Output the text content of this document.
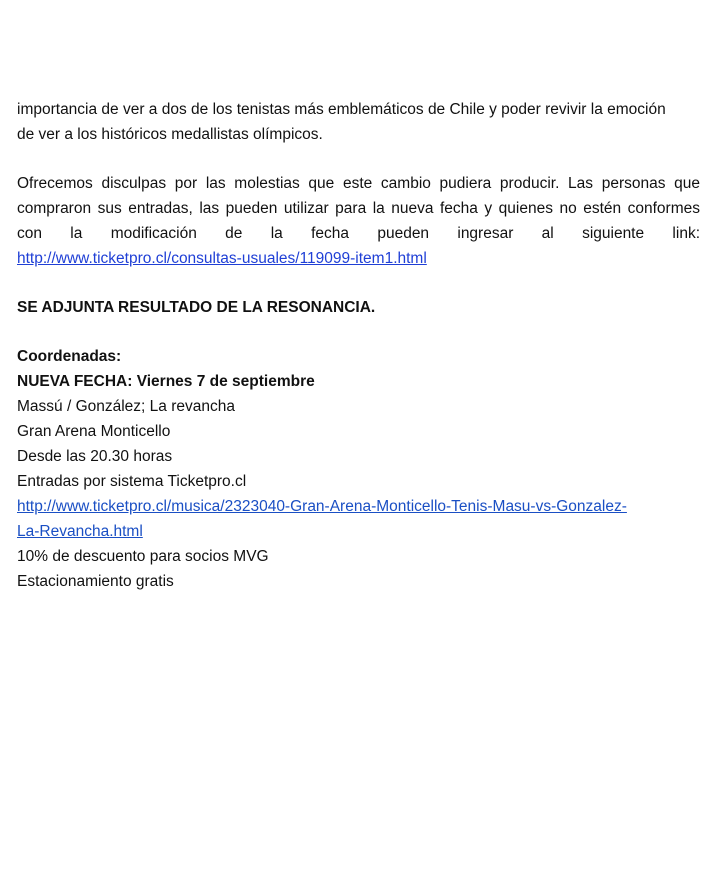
importancia de ver a dos de los tenistas más emblemáticos de Chile y poder revivir la emoción
de ver a los históricos medallistas olímpicos.
Ofrecemos disculpas por las molestias que este cambio pudiera producir. Las personas que
compraron sus entradas, las pueden utilizar para la nueva fecha y quienes no estén conformes
con la modificación de la fecha pueden ingresar al siguiente link:
http://www.ticketpro.cl/consultas-usuales/119099-item1.html
SE ADJUNTA RESULTADO DE LA RESONANCIA.
Coordenadas:
NUEVA FECHA: Viernes 7 de septiembre
Massú / González; La revancha
Gran Arena Monticello
Desde las 20.30 horas
Entradas por sistema Ticketpro.cl
http://www.ticketpro.cl/musica/2323040-Gran-Arena-Monticello-Tenis-Masu-vs-Gonzalez-
La-Revancha.html
10% de descuento para socios MVG
Estacionamiento gratis
